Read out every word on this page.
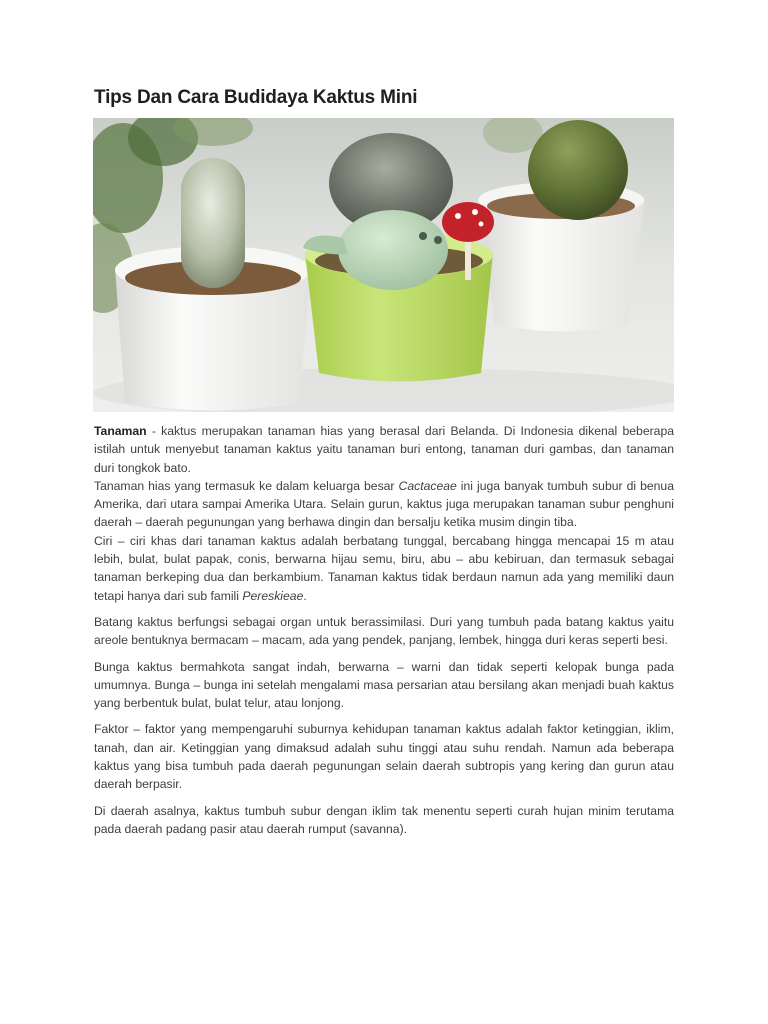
Tips Dan Cara Budidaya Kaktus Mini

Tanaman - kaktus merupakan tanaman hias yang berasal dari Belanda. Di Indonesia dikenal beberapa istilah untuk menyebut tanaman kaktus yaitu tanaman buri entong, tanaman duri gambas, dan tanaman duri tongkok bato.

Tanaman hias yang termasuk ke dalam keluarga besar Cactaceae ini juga banyak tumbuh subur di benua Amerika, dari utara sampai Amerika Utara. Selain gurun, kaktus juga merupakan tanaman subur penghuni daerah – daerah pegunungan yang berhawa dingin dan bersalju ketika musim dingin tiba.

Ciri – ciri khas dari tanaman kaktus adalah berbatang tunggal, bercabang hingga mencapai 15 m atau lebih, bulat, bulat papak, conis, berwarna hijau semu, biru, abu – abu kebiruan, dan termasuk sebagai tanaman berkeping dua dan berkambium. Tanaman kaktus tidak berdaun namun ada yang memiliki daun tetapi hanya dari sub famili Pereskieae.

Batang kaktus berfungsi sebagai organ untuk berassimilasi. Duri yang tumbuh pada batang kaktus yaitu areole bentuknya bermacam – macam, ada yang pendek, panjang, lembek, hingga duri keras seperti besi.

Bunga kaktus bermahkota sangat indah, berwarna – warni dan tidak seperti kelopak bunga pada umumnya. Bunga – bunga ini setelah mengalami masa persarian atau bersilang akan menjadi buah kaktus yang berbentuk bulat, bulat telur, atau lonjong.

Faktor – faktor yang mempengaruhi suburnya kehidupan tanaman kaktus adalah faktor ketinggian, iklim, tanah, dan air. Ketinggian yang dimaksud adalah suhu tinggi atau suhu rendah. Namun ada beberapa kaktus yang bisa tumbuh pada daerah pegunungan selain daerah subtropis yang kering dan gurun atau daerah berpasir.

Di daerah asalnya, kaktus tumbuh subur dengan iklim tak menentu seperti curah hujan minim terutama pada daerah padang pasir atau daerah rumput (savanna).
